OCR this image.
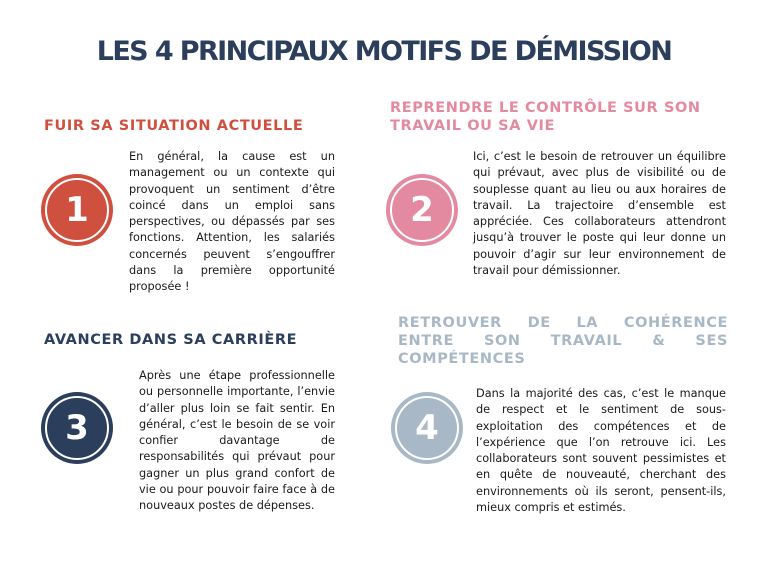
LES 4 PRINCIPAUX MOTIFS DE DÉMISSION
FUIR SA SITUATION ACTUELLE
1
En général, la cause est un management ou un contexte qui provoquent un sentiment d’être coincé dans un emploi sans perspectives, ou dépassés par ses fonctions. Attention, les salariés concernés peuvent s’engouffrer dans la première opportunité proposée !
REPRENDRE LE CONTRÔLE SUR SON TRAVAIL OU SA VIE
2
Ici, c’est le besoin de retrouver un équilibre qui prévaut, avec plus de visibilité ou de souplesse quant au lieu ou aux horaires de travail. La trajectoire d’ensemble est appréciée. Ces collaborateurs attendront jusqu’à trouver le poste qui leur donne un pouvoir d’agir sur leur environnement de travail pour démissionner.
AVANCER DANS SA CARRIÈRE
3
Après une étape professionnelle ou personnelle importante, l’envie d’aller plus loin se fait sentir. En général, c’est le besoin de se voir confier davantage de responsabilités qui prévaut pour gagner un plus grand confort de vie ou pour pouvoir faire face à de nouveaux postes de dépenses.
RETROUVER DE LA COHÉRENCE ENTRE SON TRAVAIL & SES COMPÉTENCES
4
Dans la majorité des cas, c’est le manque de respect et le sentiment de sous-exploitation des compétences et de l’expérience que l’on retrouve ici. Les collaborateurs sont souvent pessimistes et en quête de nouveauté, cherchant des environnements où ils seront, pensent-ils, mieux compris et estimés.
